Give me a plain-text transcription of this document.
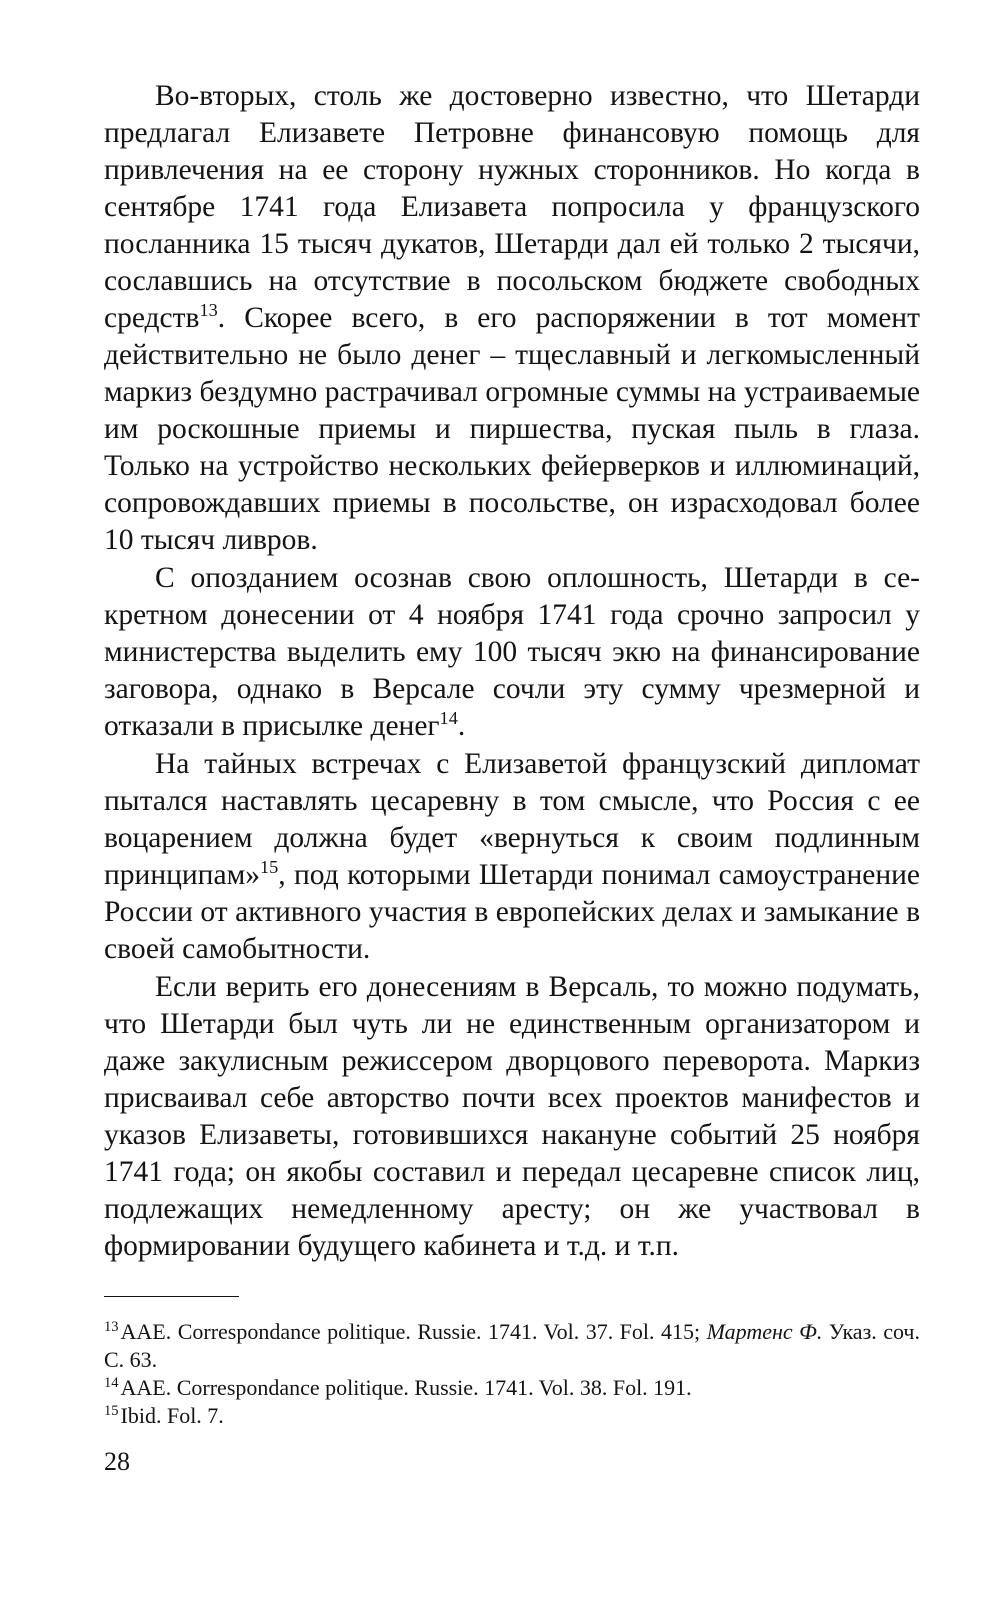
Во-вторых, столь же достоверно известно, что Шетарди предлагал Елизавете Петровне финансовую помощь для привлечения на ее сторону нужных сторонников. Но когда в сентябре 1741 года Елизавета попросила у французского посланника 15 тысяч дукатов, Шетарди дал ей только 2 тысячи, сославшись на отсутствие в посольском бюджете свободных средств$^{13}$. Скорее всего, в его распоряжении в тот момент действительно не было денег – тщеславный и легкомысленный маркиз бездумно растрачивал огромные суммы на устраиваемые им роскошные приемы и пиршества, пуская пыль в глаза. Только на устройство нескольких фейерверков и иллюминаций, сопровождавших приемы в посольстве, он израсходовал более 10 тысяч ливров.

С опозданием осознав свою оплошность, Шетарди в секретном донесении от 4 ноября 1741 года срочно запросил у министерства выделить ему 100 тысяч экю на финансирование заговора, однако в Версале сочли эту сумму чрезмерной и отказали в присылке денег$^{14}$.

На тайных встречах с Елизаветой французский дипломат пытался наставлять цесаревну в том смысле, что Россия с ее воцарением должна будет «вернуться к своим подлинным принципам»$^{15}$, под которыми Шетарди понимал самоустранение России от активного участия в европейских делах и замыкание в своей самобытности.

Если верить его донесениям в Версаль, то можно подумать, что Шетарди был чуть ли не единственным организатором и даже закулисным режиссером дворцового переворота. Маркиз присваивал себе авторство почти всех проектов манифестов и указов Елизаветы, готовившихся накануне событий 25 ноября 1741 года; он якобы составил и передал цесаревне список лиц, подлежащих немедленному аресту; он же участвовал в формировании будущего кабинета и т.д. и т.п.

$^{13}$AAE. Correspondance politique. Russie. 1741. Vol. 37. Fol. 415; Мартенс Ф. Указ. соч. С. 63.

$^{14}$AAE. Correspondance politique. Russie. 1741. Vol. 38. Fol. 191.

$^{15}$Ibid. Fol. 7.

28
